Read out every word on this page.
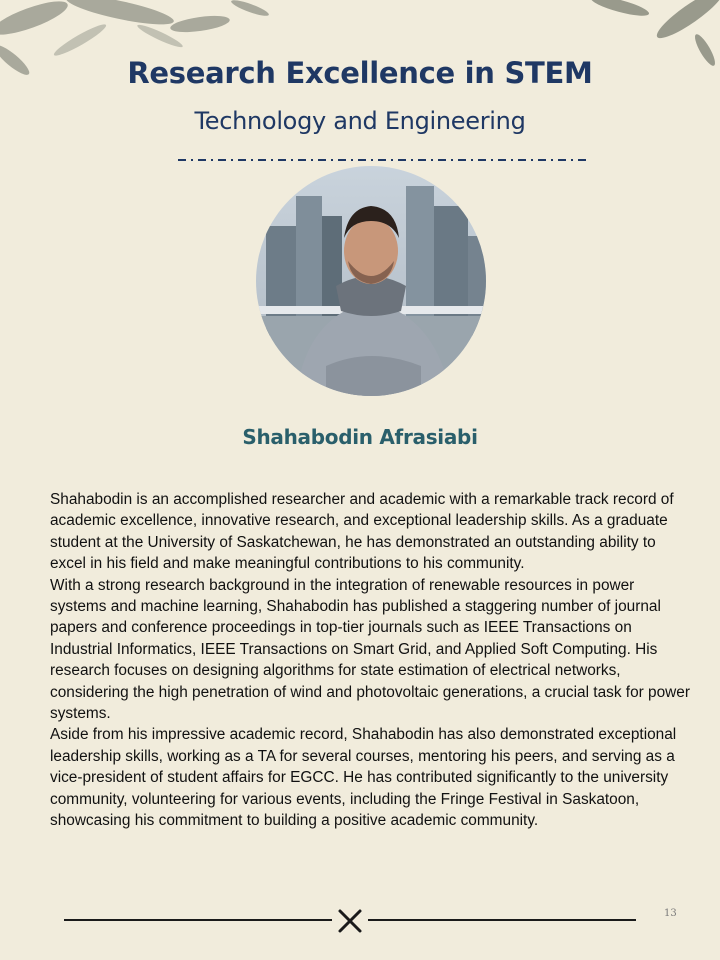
Research Excellence in STEM
Technology and Engineering
Shahabodin Afrasiabi

Shahabodin is an accomplished researcher and academic with a remarkable track record of academic excellence, innovative research, and exceptional leadership skills. As a graduate student at the University of Saskatchewan, he has demonstrated an outstanding ability to excel in his field and make meaningful contributions to his community.

With a strong research background in the integration of renewable resources in power systems and machine learning, Shahabodin has published a staggering number of journal papers and conference proceedings in top-tier journals such as IEEE Transactions on Industrial Informatics, IEEE Transactions on Smart Grid, and Applied Soft Computing. His research focuses on designing algorithms for state estimation of electrical networks, considering the high penetration of wind and photovoltaic generations, a crucial task for power systems.

Aside from his impressive academic record, Shahabodin has also demonstrated exceptional leadership skills, working as a TA for several courses, mentoring his peers, and serving as a vice-president of student affairs for EGCC. He has contributed significantly to the university community, volunteering for various events, including the Fringe Festival in Saskatoon, showcasing his commitment to building a positive academic community.

13
